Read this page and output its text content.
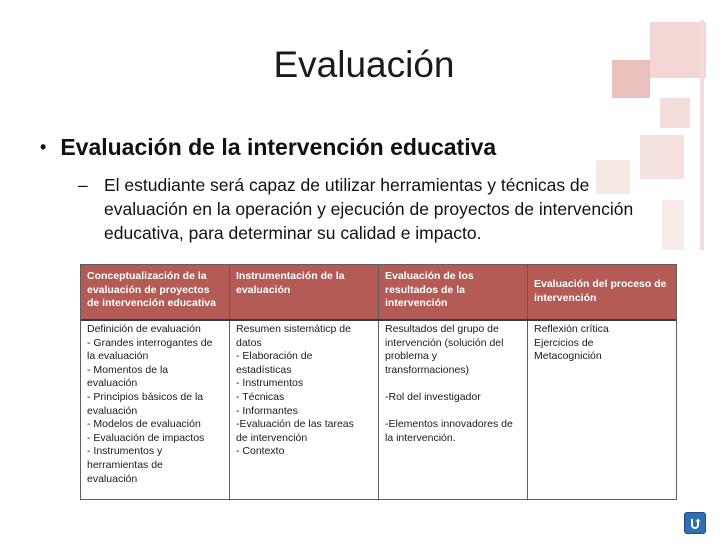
Evaluación
• Evaluación de la intervención educativa
– El estudiante será capaz de utilizar herramientas y técnicas de
evaluación en la operación y ejecución de proyectos de intervención
educativa, para determinar su calidad e impacto.
Conceptualización de la
evaluación de proyectos
de intervención educativa
Instrumentación de la
evaluación
Evaluación de los
resultados de la
intervención
Evaluación del proceso de
intervención
Definición de evaluación
- Grandes interrogantes de
la evaluación
- Momentos de la
evaluación
- Principios básicos de la
evaluación
- Modelos de evaluación
- Evaluación de impactos
- Instrumentos y
herramientas de
evaluación
Resumen sistemáticp de
datos
- Elaboración de
estadísticas
- Instrumentos
- Técnicas
- Informantes
-Evaluación de las tareas
de intervención
- Contexto
Resultados del grupo de
intervención (solución del
problema y
transformaciones)
-Rol del investigador
-Elementos innovadores de
la intervención.
Reflexión crítica
Ejercicios de
Metacognición
